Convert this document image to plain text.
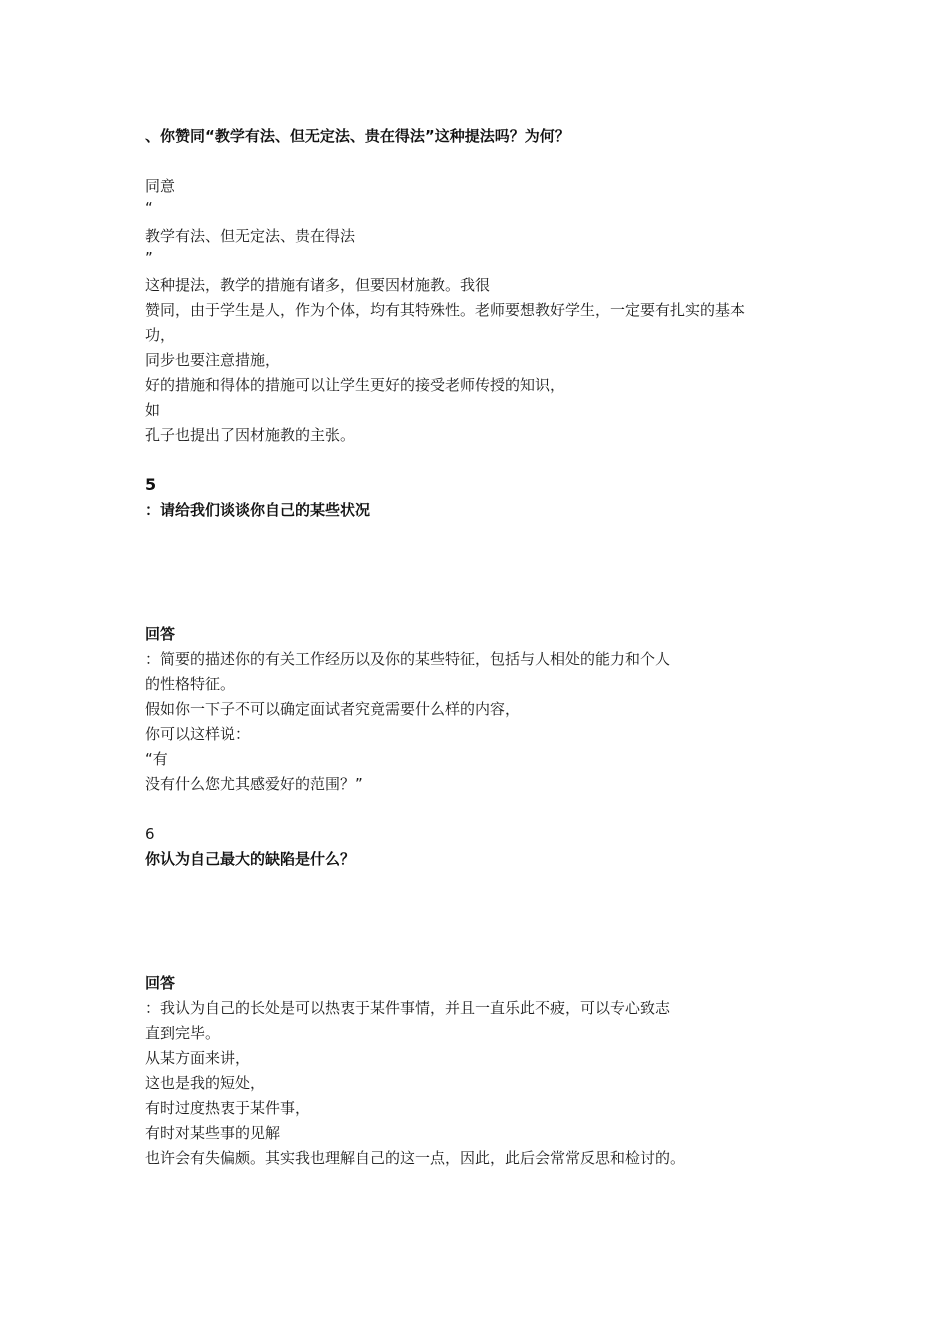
、你赞同“教学有法、但无定法、贵在得法”这种提法吗？为何？
同意
“
教学有法、但无定法、贵在得法
”
这种提法，教学的措施有诸多，但要因材施教。我很
赞同，由于学生是人，作为个体，均有其特殊性。老师要想教好学生，一定要有扎实的基本
功，
同步也要注意措施，
好的措施和得体的措施可以让学生更好的接受老师传授的知识，
如
孔子也提出了因材施教的主张。
5
：请给我们谈谈你自己的某些状况
回答
：简要的描述你的有关工作经历以及你的某些特征，包括与人相处的能力和个人
的性格特征。
假如你一下子不可以确定面试者究竟需要什么样的内容，
你可以这样说：
“有
没有什么您尤其感爱好的范围？”
6
你认为自己最大的缺陷是什么？
回答
：我认为自己的长处是可以热衷于某件事情，并且一直乐此不疲，可以专心致志
直到完毕。
从某方面来讲，
这也是我的短处，
有时过度热衷于某件事，
有时对某些事的见解
也许会有失偏颇。其实我也理解自己的这一点，因此，此后会常常反思和检讨的。
